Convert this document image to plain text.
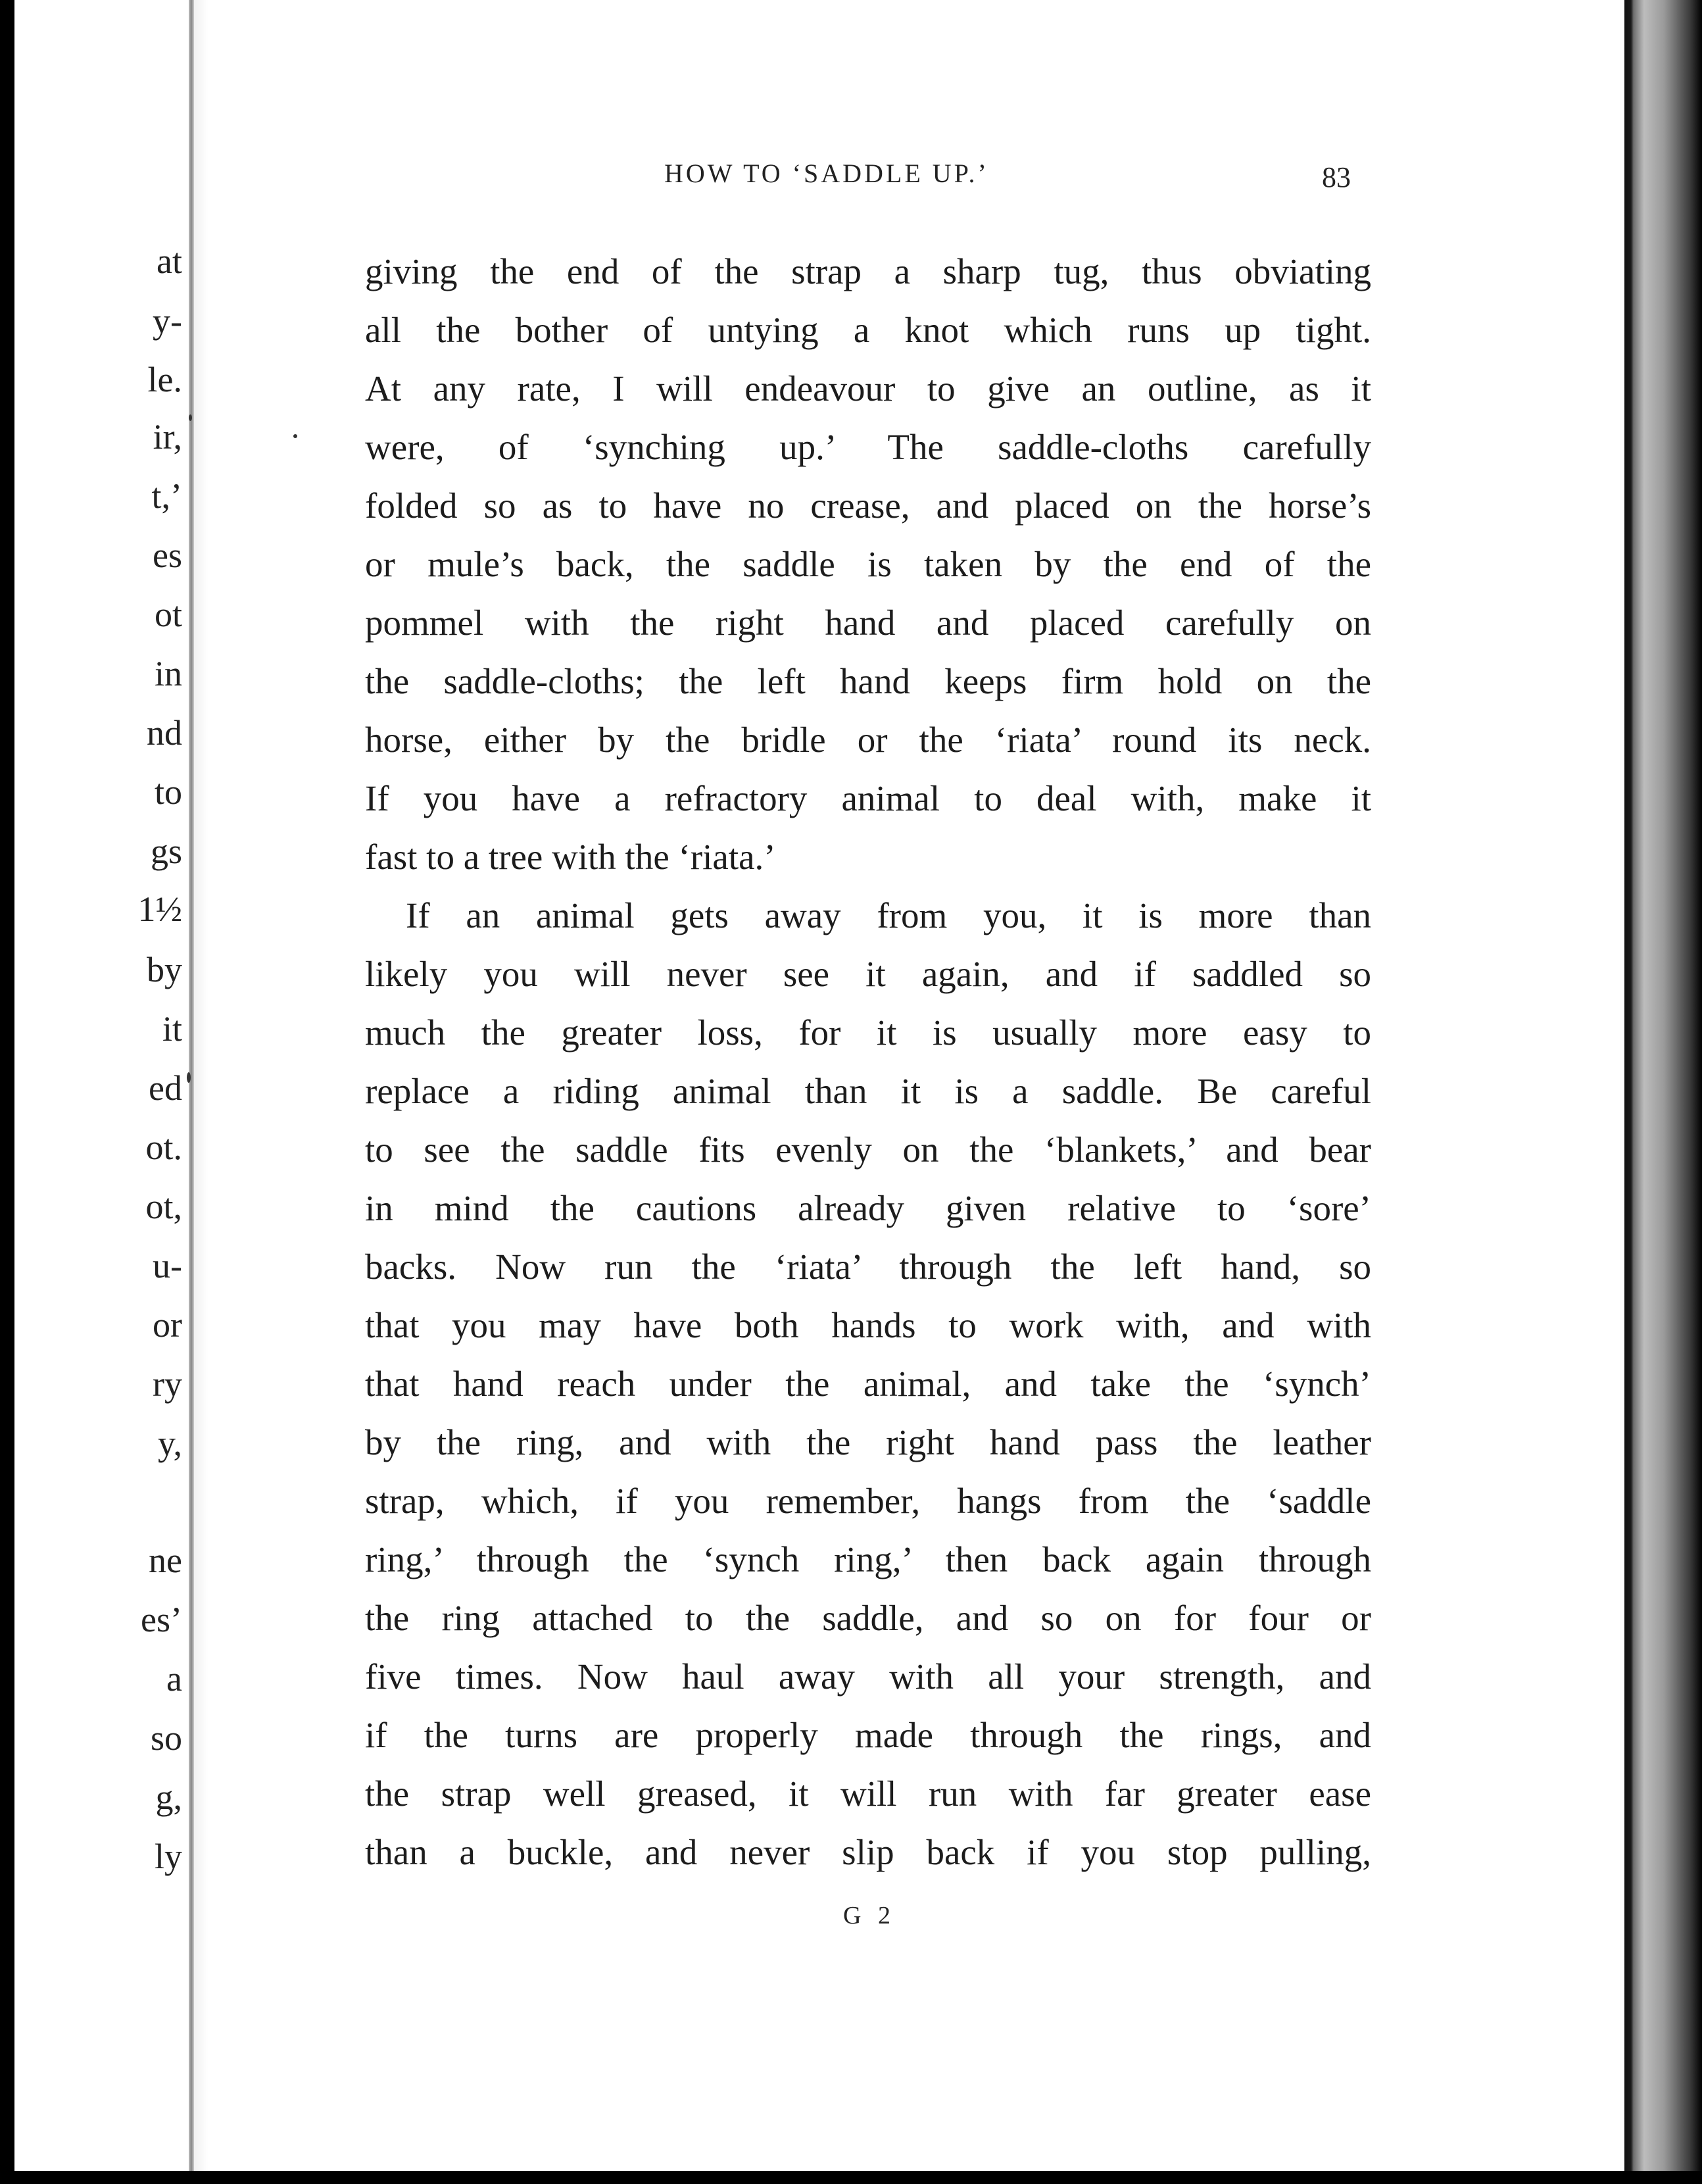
at
y-
le.
ir,
t,’
es
ot
in
nd
to
gs
1½
by
it
ed
ot.
ot,
u-
or
ry
y,
ne
es’
a
so
g,
ly
HOW TO ‘SADDLE UP.’	83
giving the end of the strap a sharp tug, thus obviating
all the bother of untying a knot which runs up tight.
At any rate, I will endeavour to give an outline, as it
were, of ‘synching up.’ The saddle-cloths carefully
folded so as to have no crease, and placed on the horse’s
or mule’s back, the saddle is taken by the end of the
pommel with the right hand and placed carefully on
the saddle-cloths; the left hand keeps firm hold on the
horse, either by the bridle or the ‘riata’ round its neck.
If you have a refractory animal to deal with, make it
fast to a tree with the ‘riata.’
If an animal gets away from you, it is more than
likely you will never see it again, and if saddled so
much the greater loss, for it is usually more easy to
replace a riding animal than it is a saddle. Be careful
to see the saddle fits evenly on the ‘blankets,’ and bear
in mind the cautions already given relative to ‘sore’
backs. Now run the ‘riata’ through the left hand, so
that you may have both hands to work with, and with
that hand reach under the animal, and take the ‘synch’
by the ring, and with the right hand pass the leather
strap, which, if you remember, hangs from the ‘saddle
ring,’ through the ‘synch ring,’ then back again through
the ring attached to the saddle, and so on for four or
five times. Now haul away with all your strength, and
if the turns are properly made through the rings, and
the strap well greased, it will run with far greater ease
than a buckle, and never slip back if you stop pulling,
G 2
